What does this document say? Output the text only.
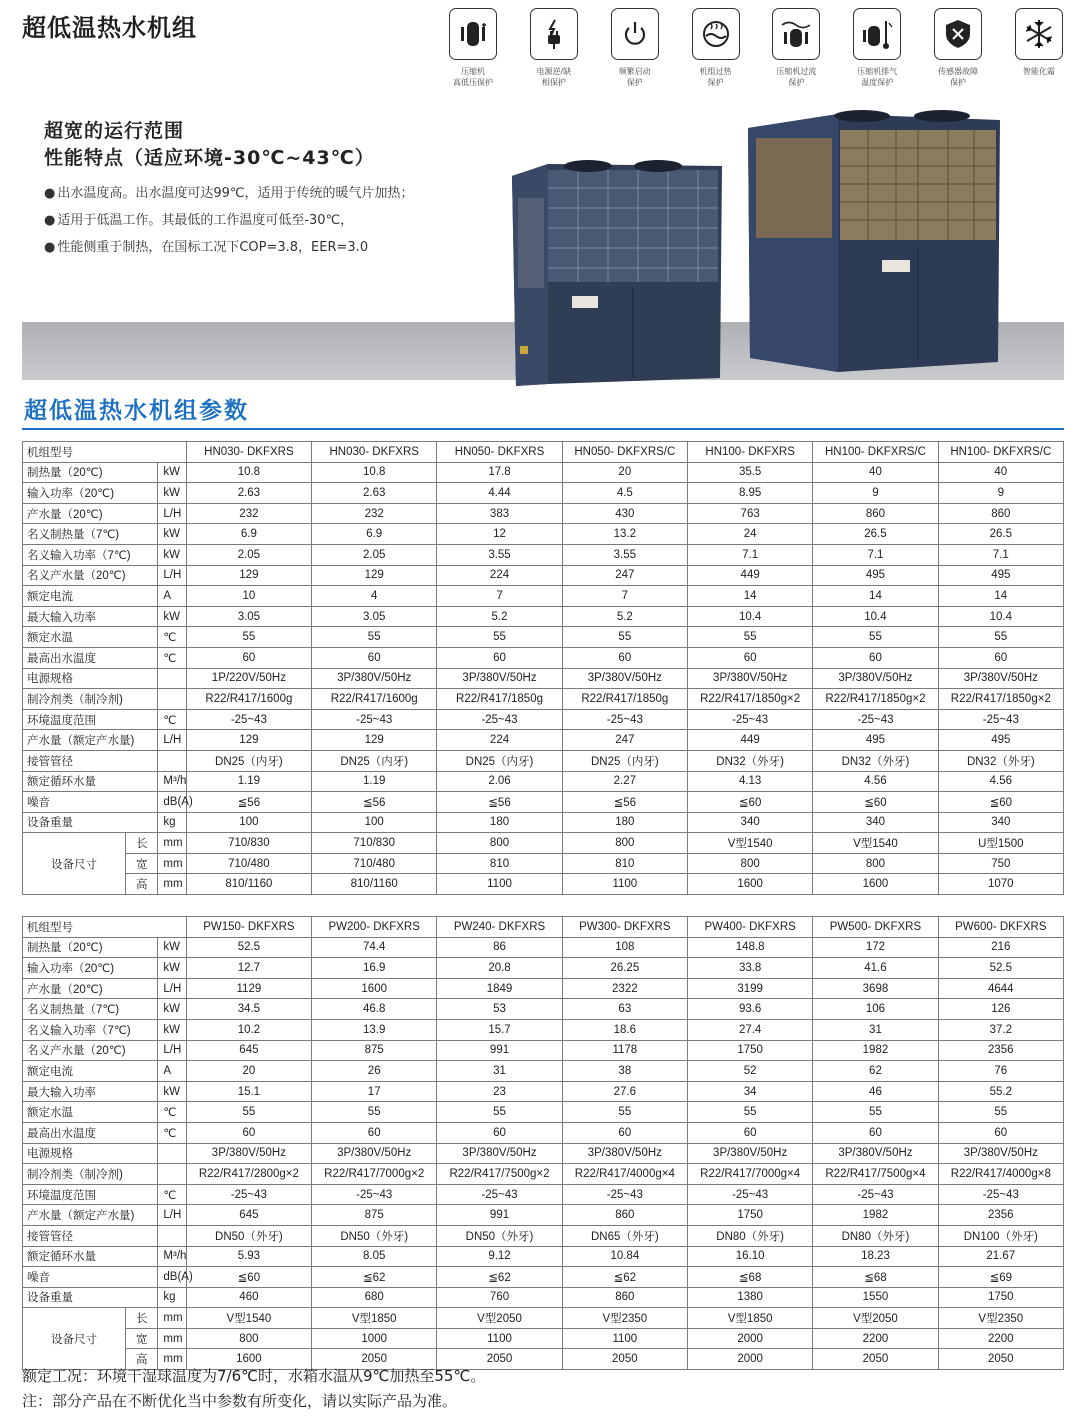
超低温热水机组
压缩机
高低压保护
电源逆/缺
相保护
频繁启动
保护
机组过热
保护
压缩机过流
保护
压缩机排气
温度保护
传感器故障
保护
智能化霜
超宽的运行范围
性能特点（适应环境-30℃~43℃）
● 出水温度高。出水温度可达99℃，适用于传统的暖气片加热；
● 适用于低温工作。其最低的工作温度可低至-30℃，
● 性能侧重于制热，在国标工况下COP=3.8，EER=3.0
超低温热水机组参数
机组型号			HN030- DKFXRS	HN030- DKFXRS	HN050- DKFXRS	HN050- DKFXRS/C	HN100- DKFXRS	HN100- DKFXRS/C	HN100- DKFXRS/C
制热量（20℃)		kW	10.8	10.8	17.8	20	35.5	40	40
输入功率（20℃)		kW	2.63	2.63	4.44	4.5	8.95	9	9
产水量（20℃)		L/H	232	232	383	430	763	860	860
名义制热量（7℃)		kW	6.9	6.9	12	13.2	24	26.5	26.5
名义输入功率（7℃)		kW	2.05	2.05	3.55	3.55	7.1	7.1	7.1
名义产水量（20℃)		L/H	129	129	224	247	449	495	495
额定电流		A	10	4	7	7	14	14	14
最大输入功率		kW	3.05	3.05	5.2	5.2	10.4	10.4	10.4
额定水温		℃	55	55	55	55	55	55	55
最高出水温度		℃	60	60	60	60	60	60	60
电源规格			1P/220V/50Hz	3P/380V/50Hz	3P/380V/50Hz	3P/380V/50Hz	3P/380V/50Hz	3P/380V/50Hz	3P/380V/50Hz
制冷剂类（制冷剂)			R22/R417/1600g	R22/R417/1600g	R22/R417/1850g	R22/R417/1850g	R22/R417/1850g×2	R22/R417/1850g×2	R22/R417/1850g×2
环境温度范围		℃	-25~43	-25~43	-25~43	-25~43	-25~43	-25~43	-25~43
产水量（额定产水量)		L/H	129	129	224	247	449	495	495
接管管径			DN25（内牙)	DN25（内牙)	DN25（内牙)	DN25（内牙)	DN32（外牙)	DN32（外牙)	DN32（外牙)
额定循环水量		M³/h	1.19	1.19	2.06	2.27	4.13	4.56	4.56
噪音		dB(A)	≦56	≦56	≦56	≦56	≦60	≦60	≦60
设备重量		kg	100	100	180	180	340	340	340
设备尺寸	长	mm	710/830	710/830	800	800	V型1540	V型1540	U型1500
	宽	mm	710/480	710/480	810	810	800	800	750
	高	mm	810/1160	810/1160	1100	1100	1600	1600	1070
机组型号			PW150- DKFXRS	PW200- DKFXRS	PW240- DKFXRS	PW300- DKFXRS	PW400- DKFXRS	PW500- DKFXRS	PW600- DKFXRS
制热量（20℃)		kW	52.5	74.4	86	108	148.8	172	216
输入功率（20℃)		kW	12.7	16.9	20.8	26.25	33.8	41.6	52.5
产水量（20℃)		L/H	1129	1600	1849	2322	3199	3698	4644
名义制热量（7℃)		kW	34.5	46.8	53	63	93.6	106	126
名义输入功率（7℃)		kW	10.2	13.9	15.7	18.6	27.4	31	37.2
名义产水量（20℃)		L/H	645	875	991	1178	1750	1982	2356
额定电流		A	20	26	31	38	52	62	76
最大输入功率		kW	15.1	17	23	27.6	34	46	55.2
额定水温		℃	55	55	55	55	55	55	55
最高出水温度		℃	60	60	60	60	60	60	60
电源规格			3P/380V/50Hz	3P/380V/50Hz	3P/380V/50Hz	3P/380V/50Hz	3P/380V/50Hz	3P/380V/50Hz	3P/380V/50Hz
制冷剂类（制冷剂)			R22/R417/2800g×2	R22/R417/7000g×2	R22/R417/7500g×2	R22/R417/4000g×4	R22/R417/7000g×4	R22/R417/7500g×4	R22/R417/4000g×8
环境温度范围		℃	-25~43	-25~43	-25~43	-25~43	-25~43	-25~43	-25~43
产水量（额定产水量)		L/H	645	875	991	860	1750	1982	2356
接管管径			DN50（外牙)	DN50（外牙)	DN50（外牙)	DN65（外牙)	DN80（外牙)	DN80（外牙)	DN100（外牙)
额定循环水量		M³/h	5.93	8.05	9.12	10.84	16.10	18.23	21.67
噪音		dB(A)	≦60	≦62	≦62	≦62	≦68	≦68	≦69
设备重量		kg	460	680	760	860	1380	1550	1750
设备尺寸	长	mm	V型1540	V型1850	V型2050	V型2350	V型1850	V型2050	V型2350
	宽	mm	800	1000	1100	1100	2000	2200	2200
	高	mm	1600	2050	2050	2050	2000	2050	2050
额定工况：环境干湿球温度为7/6℃时，水箱水温从9℃加热至55℃。
注：部分产品在不断优化当中参数有所变化，请以实际产品为准。
